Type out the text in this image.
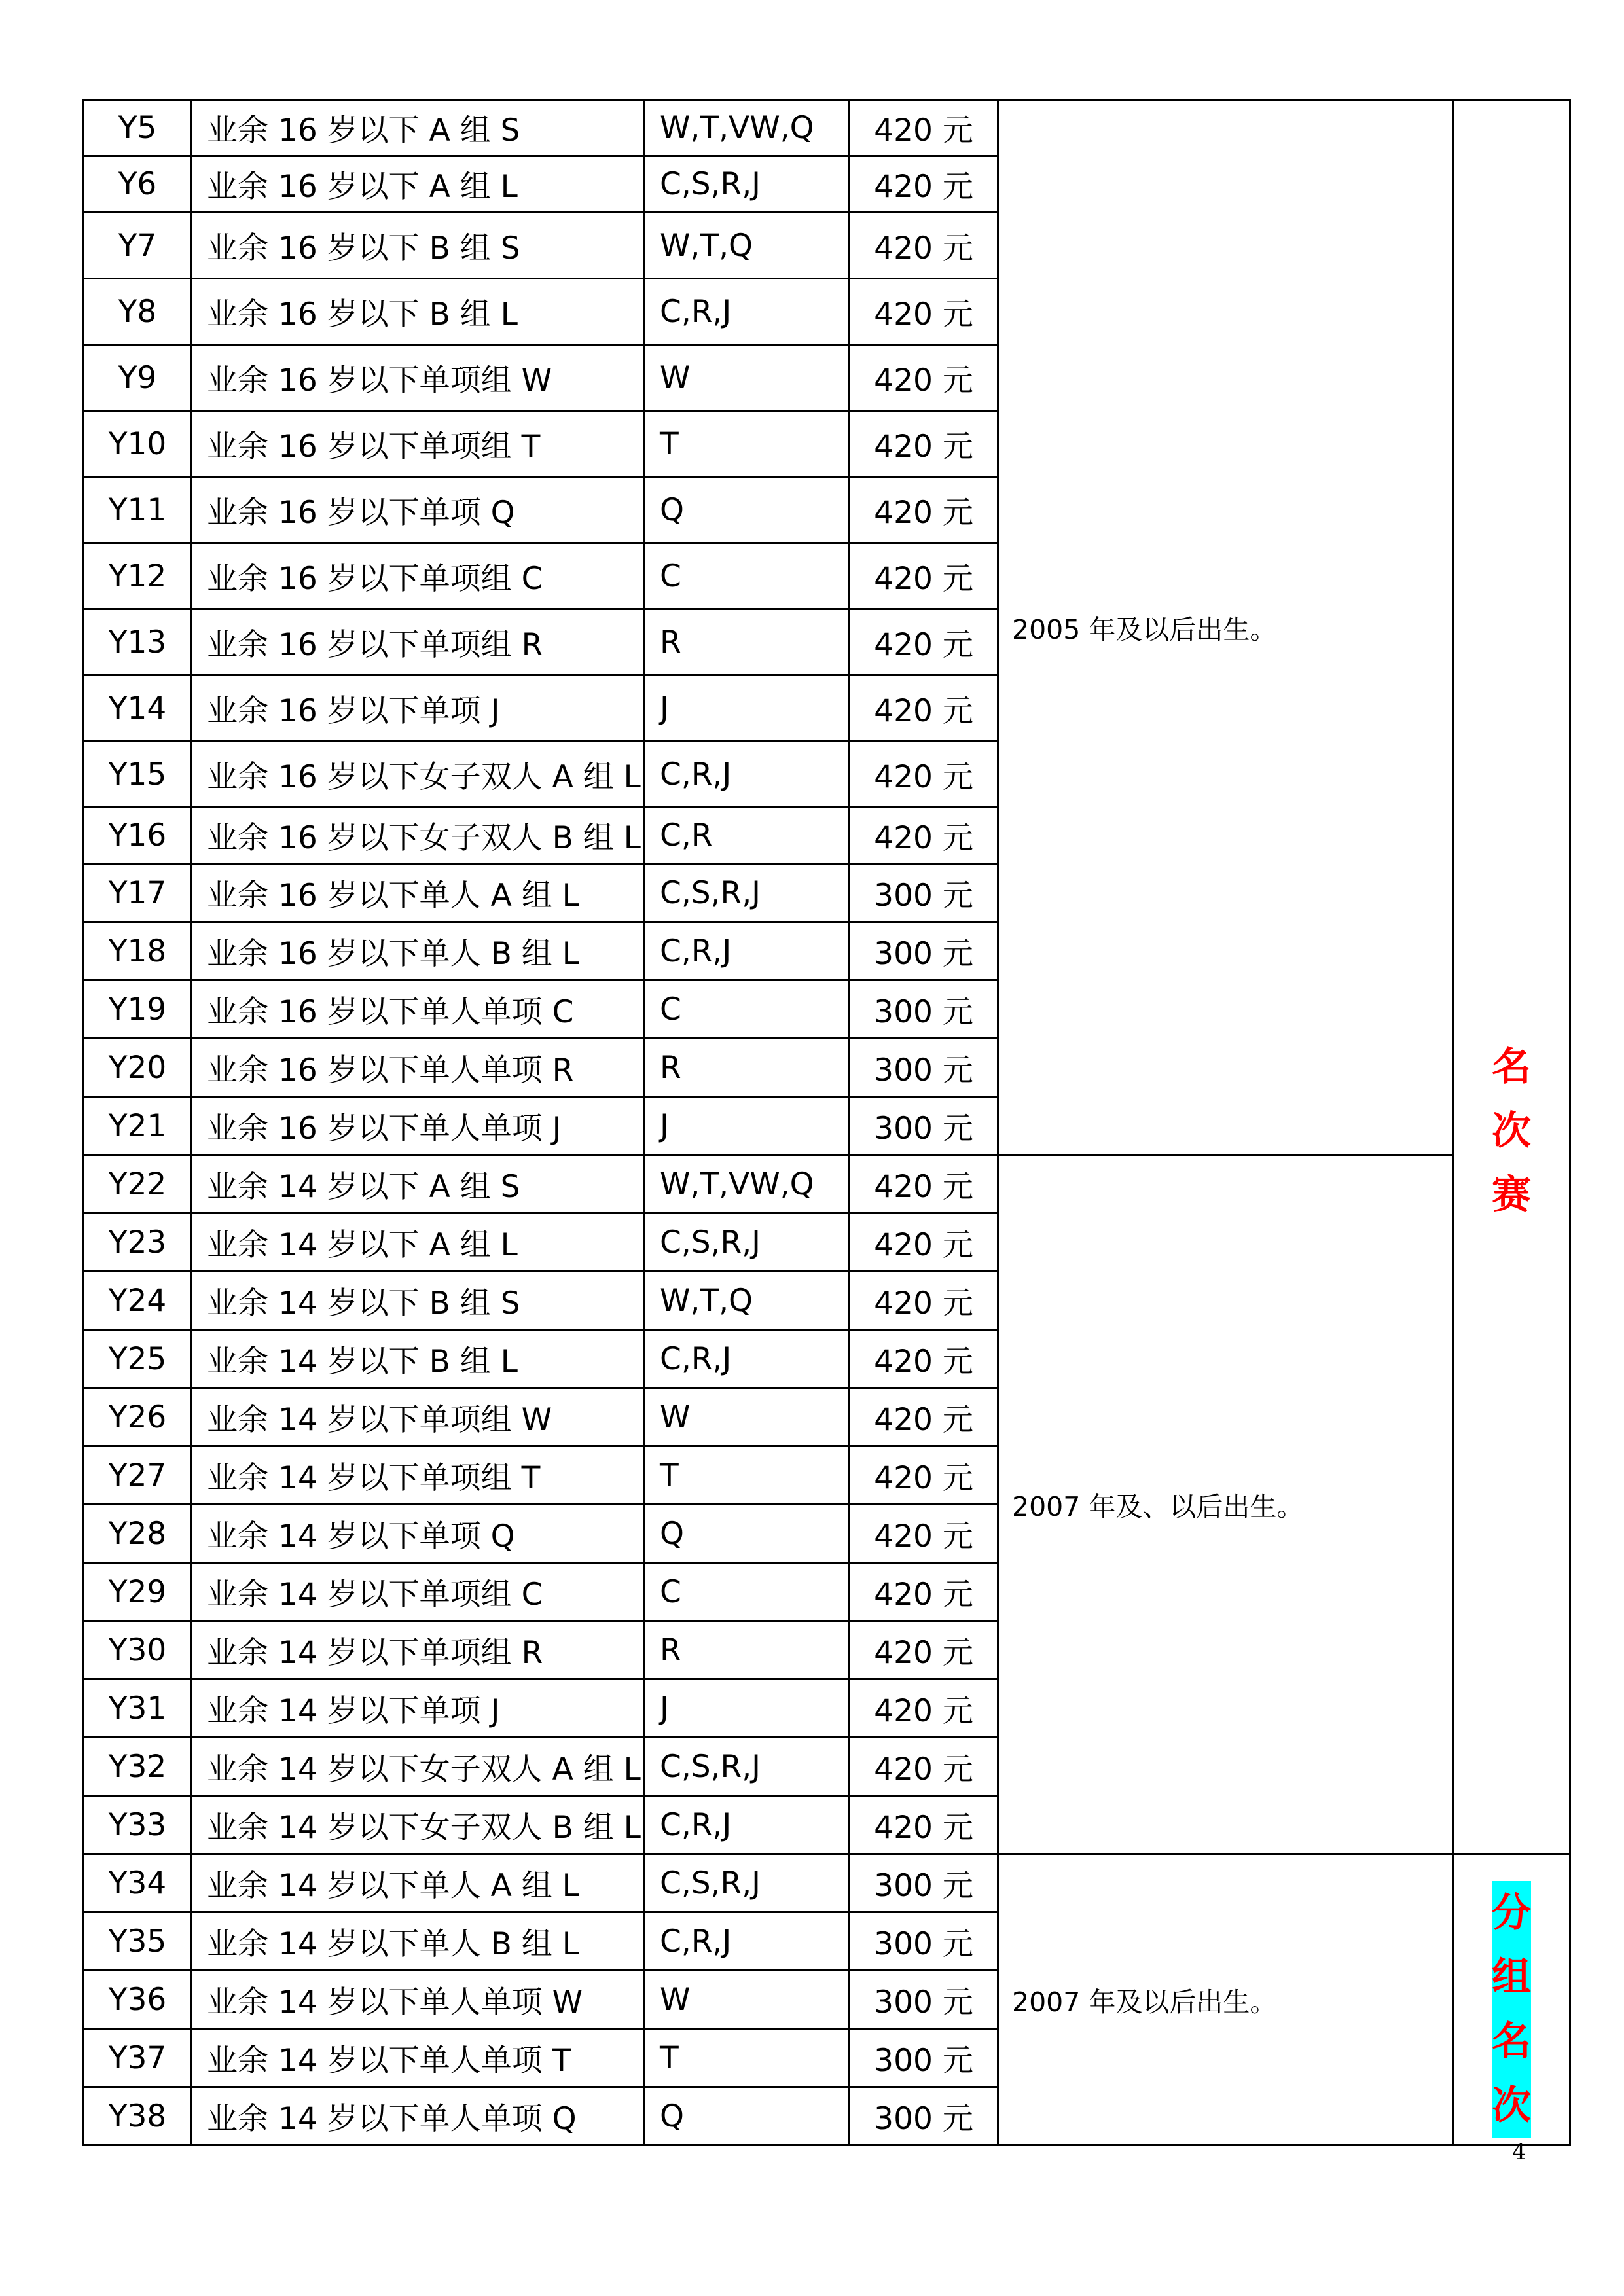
Y5	业余 16 岁以下 A 组 S	W,T,VW,Q	420 元	2005 年及以后出生。	名
次
赛

Y6	业余 16 岁以下 A 组 L	C,S,R,J	420 元		
Y7	业余 16 岁以下 B 组 S	W,T,Q	420 元		
Y8	业余 16 岁以下 B 组 L	C,R,J	420 元		
Y9	业余 16 岁以下单项组 W	W	420 元		
Y10	业余 16 岁以下单项组 T	T	420 元		
Y11	业余 16 岁以下单项 Q	Q	420 元		
Y12	业余 16 岁以下单项组 C	C	420 元		
Y13	业余 16 岁以下单项组 R	R	420 元		
Y14	业余 16 岁以下单项 J	J	420 元		
Y15	业余 16 岁以下女子双人 A 组 L	C,R,J	420 元		
Y16	业余 16 岁以下女子双人 B 组 L	C,R	420 元		
Y17	业余 16 岁以下单人 A 组 L	C,S,R,J	300 元		
Y18	业余 16 岁以下单人 B 组 L	C,R,J	300 元		
Y19	业余 16 岁以下单人单项 C	C	300 元		
Y20	业余 16 岁以下单人单项 R	R	300 元		
Y21	业余 16 岁以下单人单项 J	J	300 元		
Y22	业余 14 岁以下 A 组 S	W,T,VW,Q	420 元	2007 年及、以后出生。	
Y23	业余 14 岁以下 A 组 L	C,S,R,J	420 元		
Y24	业余 14 岁以下 B 组 S	W,T,Q	420 元		
Y25	业余 14 岁以下 B 组 L	C,R,J	420 元		
Y26	业余 14 岁以下单项组 W	W	420 元		
Y27	业余 14 岁以下单项组 T	T	420 元		
Y28	业余 14 岁以下单项 Q	Q	420 元		
Y29	业余 14 岁以下单项组 C	C	420 元		
Y30	业余 14 岁以下单项组 R	R	420 元		
Y31	业余 14 岁以下单项 J	J	420 元		
Y32	业余 14 岁以下女子双人 A 组 L	C,S,R,J	420 元		
Y33	业余 14 岁以下女子双人 B 组 L	C,R,J	420 元		
Y34	业余 14 岁以下单人 A 组 L	C,S,R,J	300 元	2007 年及以后出生。	分
组
名
次

Y35	业余 14 岁以下单人 B 组 L	C,R,J	300 元		
Y36	业余 14 岁以下单人单项 W	W	300 元		
Y37	业余 14 岁以下单人单项 T	T	300 元		
Y38	业余 14 岁以下单人单项 Q	Q	300 元		
4
